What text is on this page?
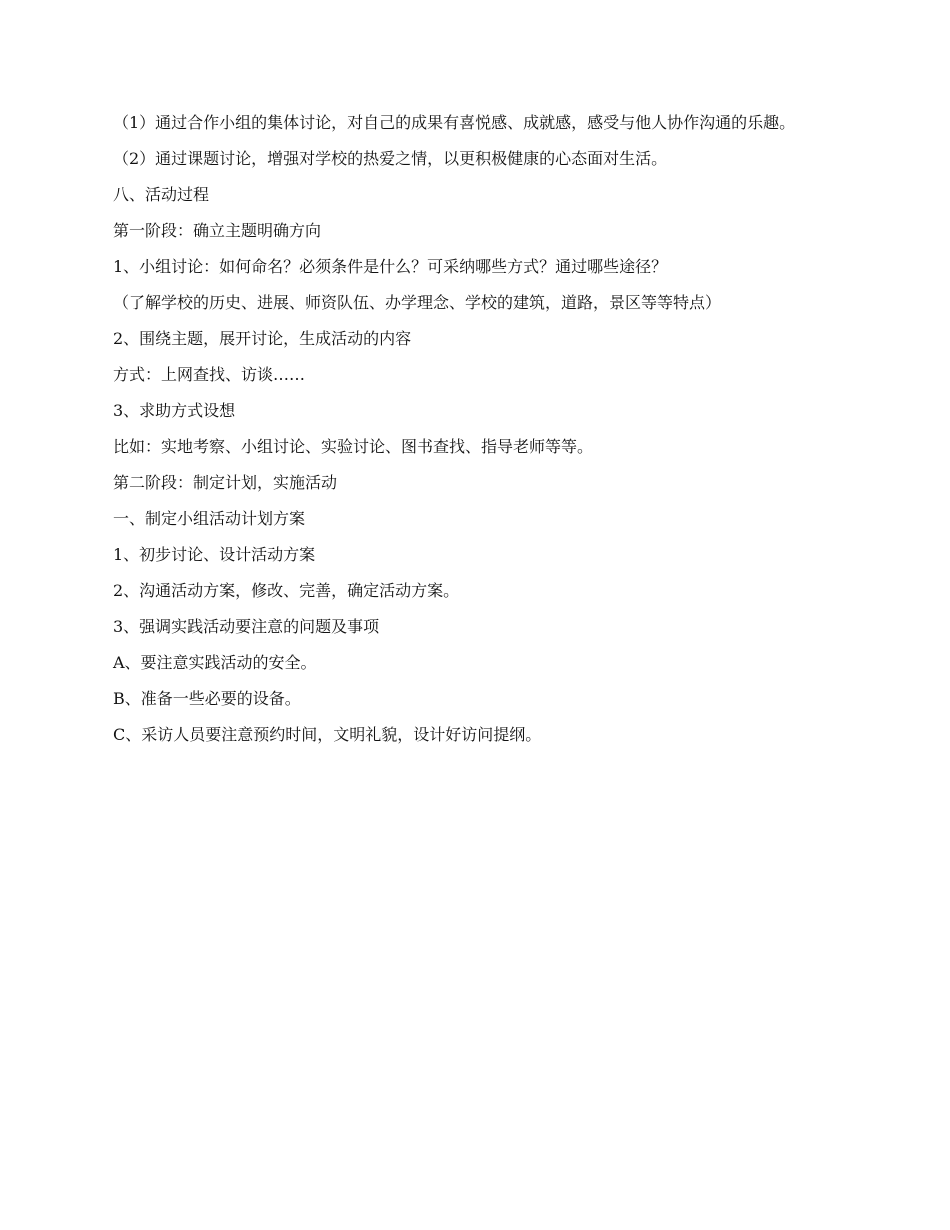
（1）通过合作小组的集体讨论，对自己的成果有喜悦感、成就感，感受与他人协作沟通的乐趣。

（2）通过课题讨论，增强对学校的热爱之情，以更积极健康的心态面对生活。

八、活动过程

第一阶段：确立主题明确方向

1、小组讨论：如何命名？必须条件是什么？可采纳哪些方式？通过哪些途径？

（了解学校的历史、进展、师资队伍、办学理念、学校的建筑，道路，景区等等特点）

2、围绕主题，展开讨论，生成活动的内容

方式：上网查找、访谈……

3、求助方式设想

比如：实地考察、小组讨论、实验讨论、图书查找、指导老师等等。

第二阶段：制定计划，实施活动

一、制定小组活动计划方案

1、初步讨论、设计活动方案

2、沟通活动方案，修改、完善，确定活动方案。

3、强调实践活动要注意的问题及事项

A、要注意实践活动的安全。

B、准备一些必要的设备。

C、采访人员要注意预约时间，文明礼貌，设计好访问提纲。
